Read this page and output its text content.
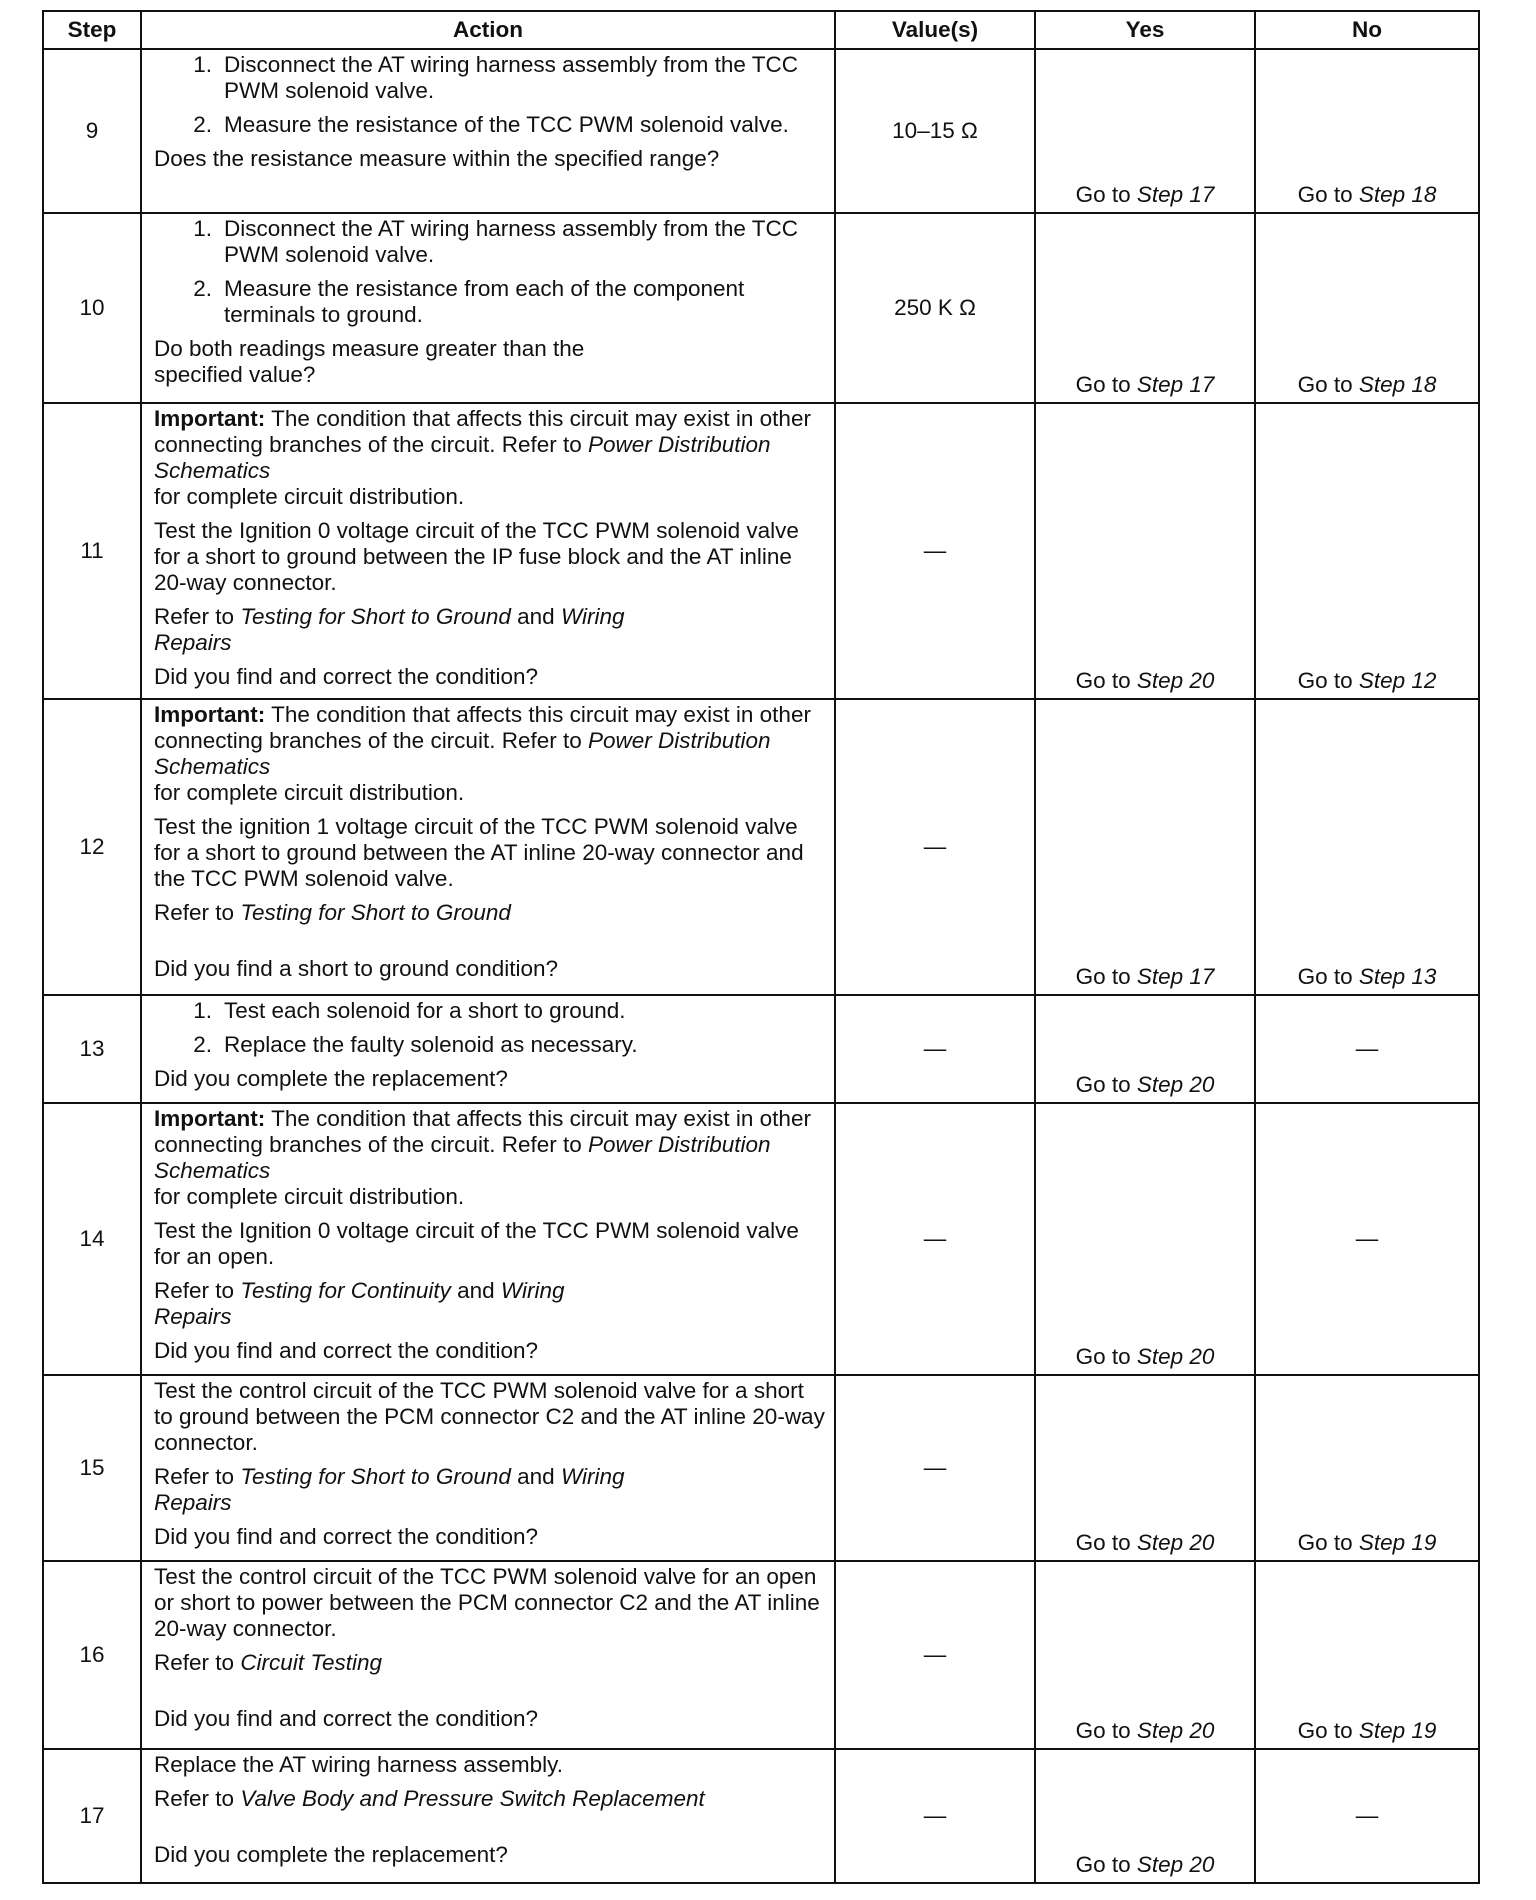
Step	Action	Value(s)	Yes	No
9	1. Disconnect the AT wiring harness assembly from the TCC PWM solenoid valve.
2. Measure the resistance of the TCC PWM solenoid valve.
Does the resistance measure within the specified range?	10–15 Ω	Go to Step 17	Go to Step 18
10	1. Disconnect the AT wiring harness assembly from the TCC PWM solenoid valve.
2. Measure the resistance from each of the component terminals to ground.
Do both readings measure greater than the specified value?	250 K Ω	Go to Step 17	Go to Step 18
11	Important: The condition that affects this circuit may exist in other connecting branches of the circuit. Refer to Power Distribution Schematics
for complete circuit distribution.
Test the Ignition 0 voltage circuit of the TCC PWM solenoid valve for a short to ground between the IP fuse block and the AT inline 20-way connector.
Refer to Testing for Short to Ground and Wiring Repairs
Did you find and correct the condition?	—	Go to Step 20	Go to Step 12
12	Important: The condition that affects this circuit may exist in other connecting branches of the circuit. Refer to Power Distribution Schematics
for complete circuit distribution.
Test the ignition 1 voltage circuit of the TCC PWM solenoid valve for a short to ground between the AT inline 20-way connector and the TCC PWM solenoid valve.
Refer to Testing for Short to Ground
Did you find a short to ground condition?	—	Go to Step 17	Go to Step 13
13	1. Test each solenoid for a short to ground.
2. Replace the faulty solenoid as necessary.
Did you complete the replacement?	—	Go to Step 20	—
14	Important: The condition that affects this circuit may exist in other connecting branches of the circuit. Refer to Power Distribution Schematics
for complete circuit distribution.
Test the Ignition 0 voltage circuit of the TCC PWM solenoid valve for an open.
Refer to Testing for Continuity and Wiring Repairs
Did you find and correct the condition?	—	Go to Step 20	—
15	Test the control circuit of the TCC PWM solenoid valve for a short to ground between the PCM connector C2 and the AT inline 20-way connector.
Refer to Testing for Short to Ground and Wiring Repairs
Did you find and correct the condition?	—	Go to Step 20	Go to Step 19
16	Test the control circuit of the TCC PWM solenoid valve for an open or short to power between the PCM connector C2 and the AT inline 20-way connector.
Refer to Circuit Testing
Did you find and correct the condition?	—	Go to Step 20	Go to Step 19
17	Replace the AT wiring harness assembly.
Refer to Valve Body and Pressure Switch Replacement
Did you complete the replacement?	—	Go to Step 20	—
